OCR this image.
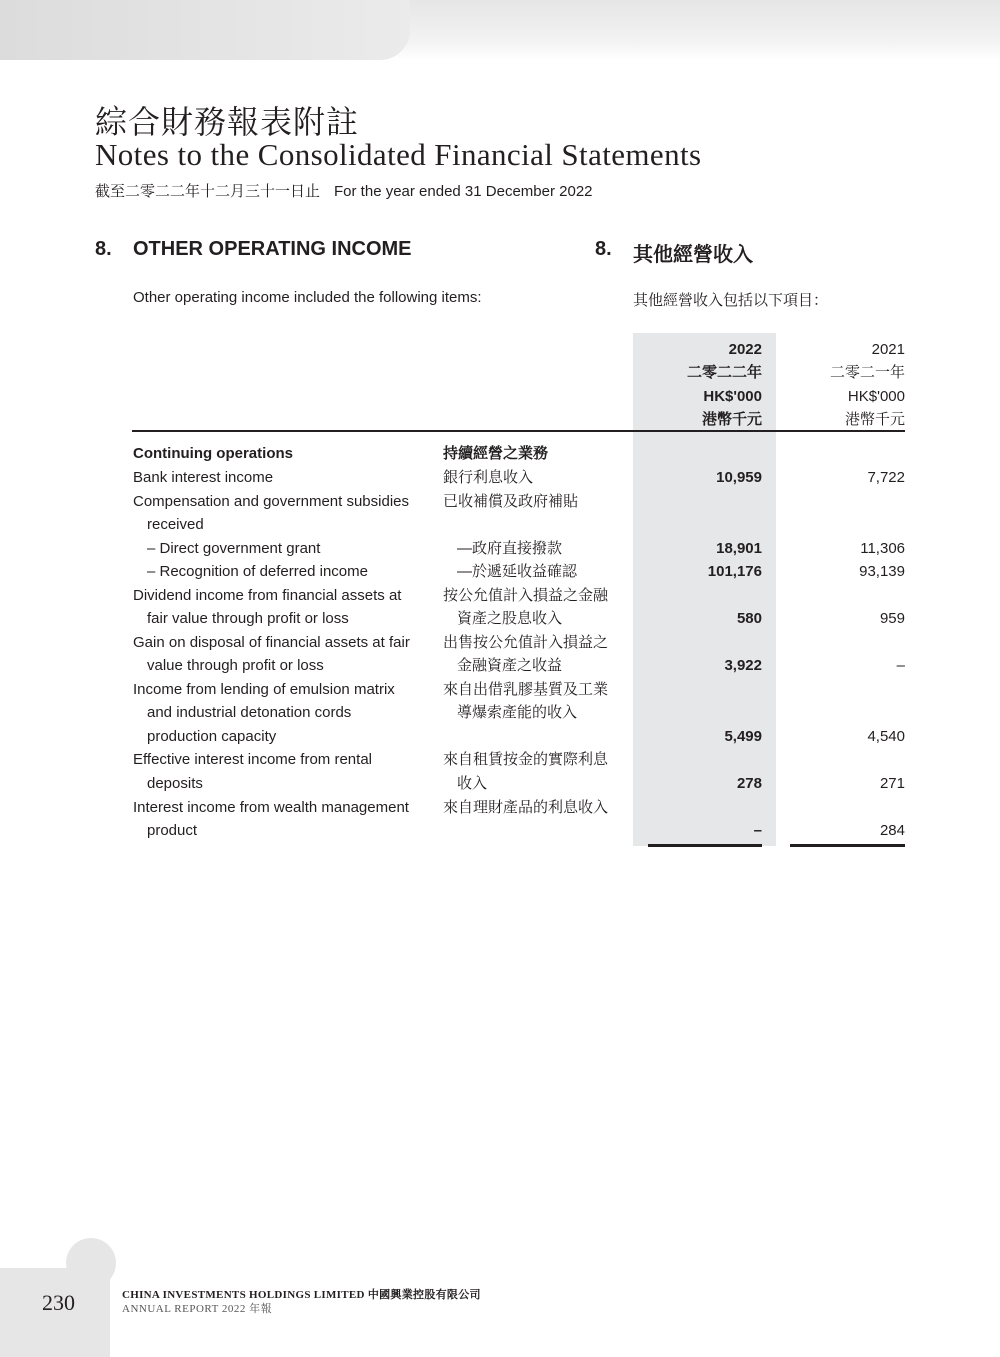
綜合財務報表附註
Notes to the Consolidated Financial Statements
截至二零二二年十二月三十一日止 For the year ended 31 December 2022
8. OTHER OPERATING INCOME	8. 其他經營收入
Other operating income included the following items:	其他經營收入包括以下項目：
2022
二零二二年
HK$'000
港幣千元
2021
二零二一年
HK$'000
港幣千元
Continuing operations	持續經營之業務
Bank interest income	銀行利息收入	10,959	7,722
Compensation and government subsidies
received
已收補償及政府補貼
– Direct government grant	—政府直接撥款	18,901	11,306
– Recognition of deferred income	—於遞延收益確認	101,176	93,139
Dividend income from financial assets at
fair value through profit or loss
按公允值計入損益之金融
資產之股息收入	580	959
Gain on disposal of financial assets at fair
value through profit or loss
出售按公允值計入損益之
金融資產之收益	3,922	–
Income from lending of emulsion matrix
and industrial detonation cords
production capacity
來自出借乳膠基質及工業
導爆索產能的收入
5,499	4,540
Effective interest income from rental
deposits
來自租賃按金的實際利息
收入	278	271
Interest income from wealth management
product
來自理財產品的利息收入
–	284
230	CHINA INVESTMENTS HOLDINGS LIMITED 中國興業控股有限公司
ANNUAL REPORT 2022 年報
